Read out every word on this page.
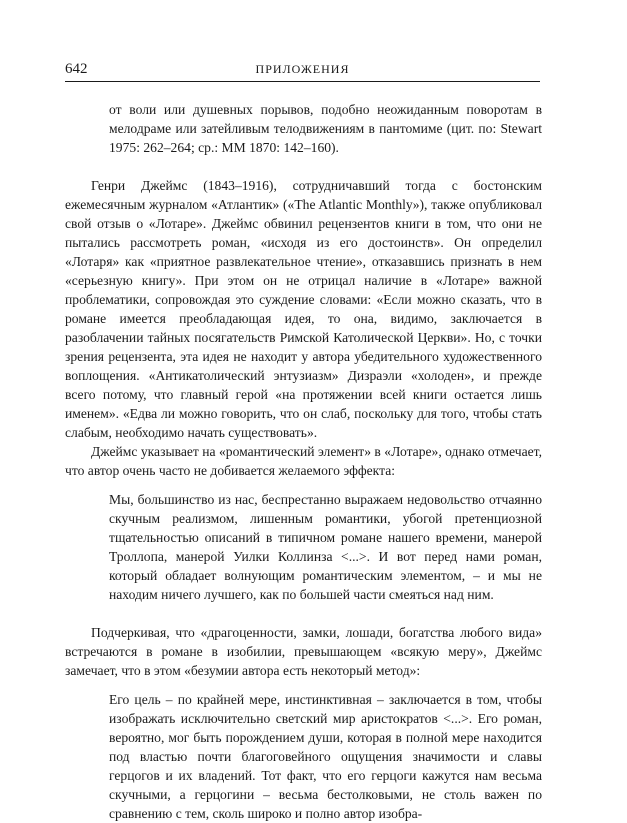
642	ПРИЛОЖЕНИЯ

от воли или душевных порывов, подобно неожиданным поворотам в мелодраме или затейливым телодвижениям в пантомиме (цит. по: Stewart 1975: 262–264; ср.: MM 1870: 142–160).

Генри Джеймс (1843–1916), сотрудничавший тогда с бостонским ежемесячным журналом «Атлантик» («The Atlantic Monthly»), также опубликовал свой отзыв о «Лотаре». Джеймс обвинил рецензентов книги в том, что они не пытались рассмотреть роман, «исходя из его достоинств». Он определил «Лотаря» как «приятное развлекательное чтение», отказавшись признать в нем «серьезную книгу». При этом он не отрицал наличие в «Лотаре» важной проблематики, сопровождая это суждение словами: «Если можно сказать, что в романе имеется преобладающая идея, то она, видимо, заключается в разоблачении тайных посягательств Римской Католической Церкви». Но, с точки зрения рецензента, эта идея не находит у автора убедительного художественного воплощения. «Антикатолический энтузиазм» Дизраэли «холоден», и прежде всего потому, что главный герой «на протяжении всей книги остается лишь именем». «Едва ли можно говорить, что он слаб, поскольку для того, чтобы стать слабым, необходимо начать существовать».

Джеймс указывает на «романтический элемент» в «Лотаре», однако отмечает, что автор очень часто не добивается желаемого эффекта:

Мы, большинство из нас, беспрестанно выражаем недовольство отчаянно скучным реализмом, лишенным романтики, убогой претенциозной тщательностью описаний в типичном романе нашего времени, манерой Троллопа, манерой Уилки Коллинза <...>. И вот перед нами роман, который обладает волнующим романтическим элементом, – и мы не находим ничего лучшего, как по большей части смеяться над ним.

Подчеркивая, что «драгоценности, замки, лошади, богатства любого вида» встречаются в романе в изобилии, превышающем «всякую меру», Джеймс замечает, что в этом «безумии автора есть некоторый метод»:

Его цель – по крайней мере, инстинктивная – заключается в том, чтобы изображать исключительно светский мир аристократов <...>. Его роман, вероятно, мог быть порождением души, которая в полной мере находится под властью почти благоговейного ощущения значимости и славы герцогов и их владений. Тот факт, что его герцоги кажутся нам весьма скучными, а герцогини – весьма бестолковыми, не столь важен по сравнению с тем, сколь широко и полно автор изобра-
